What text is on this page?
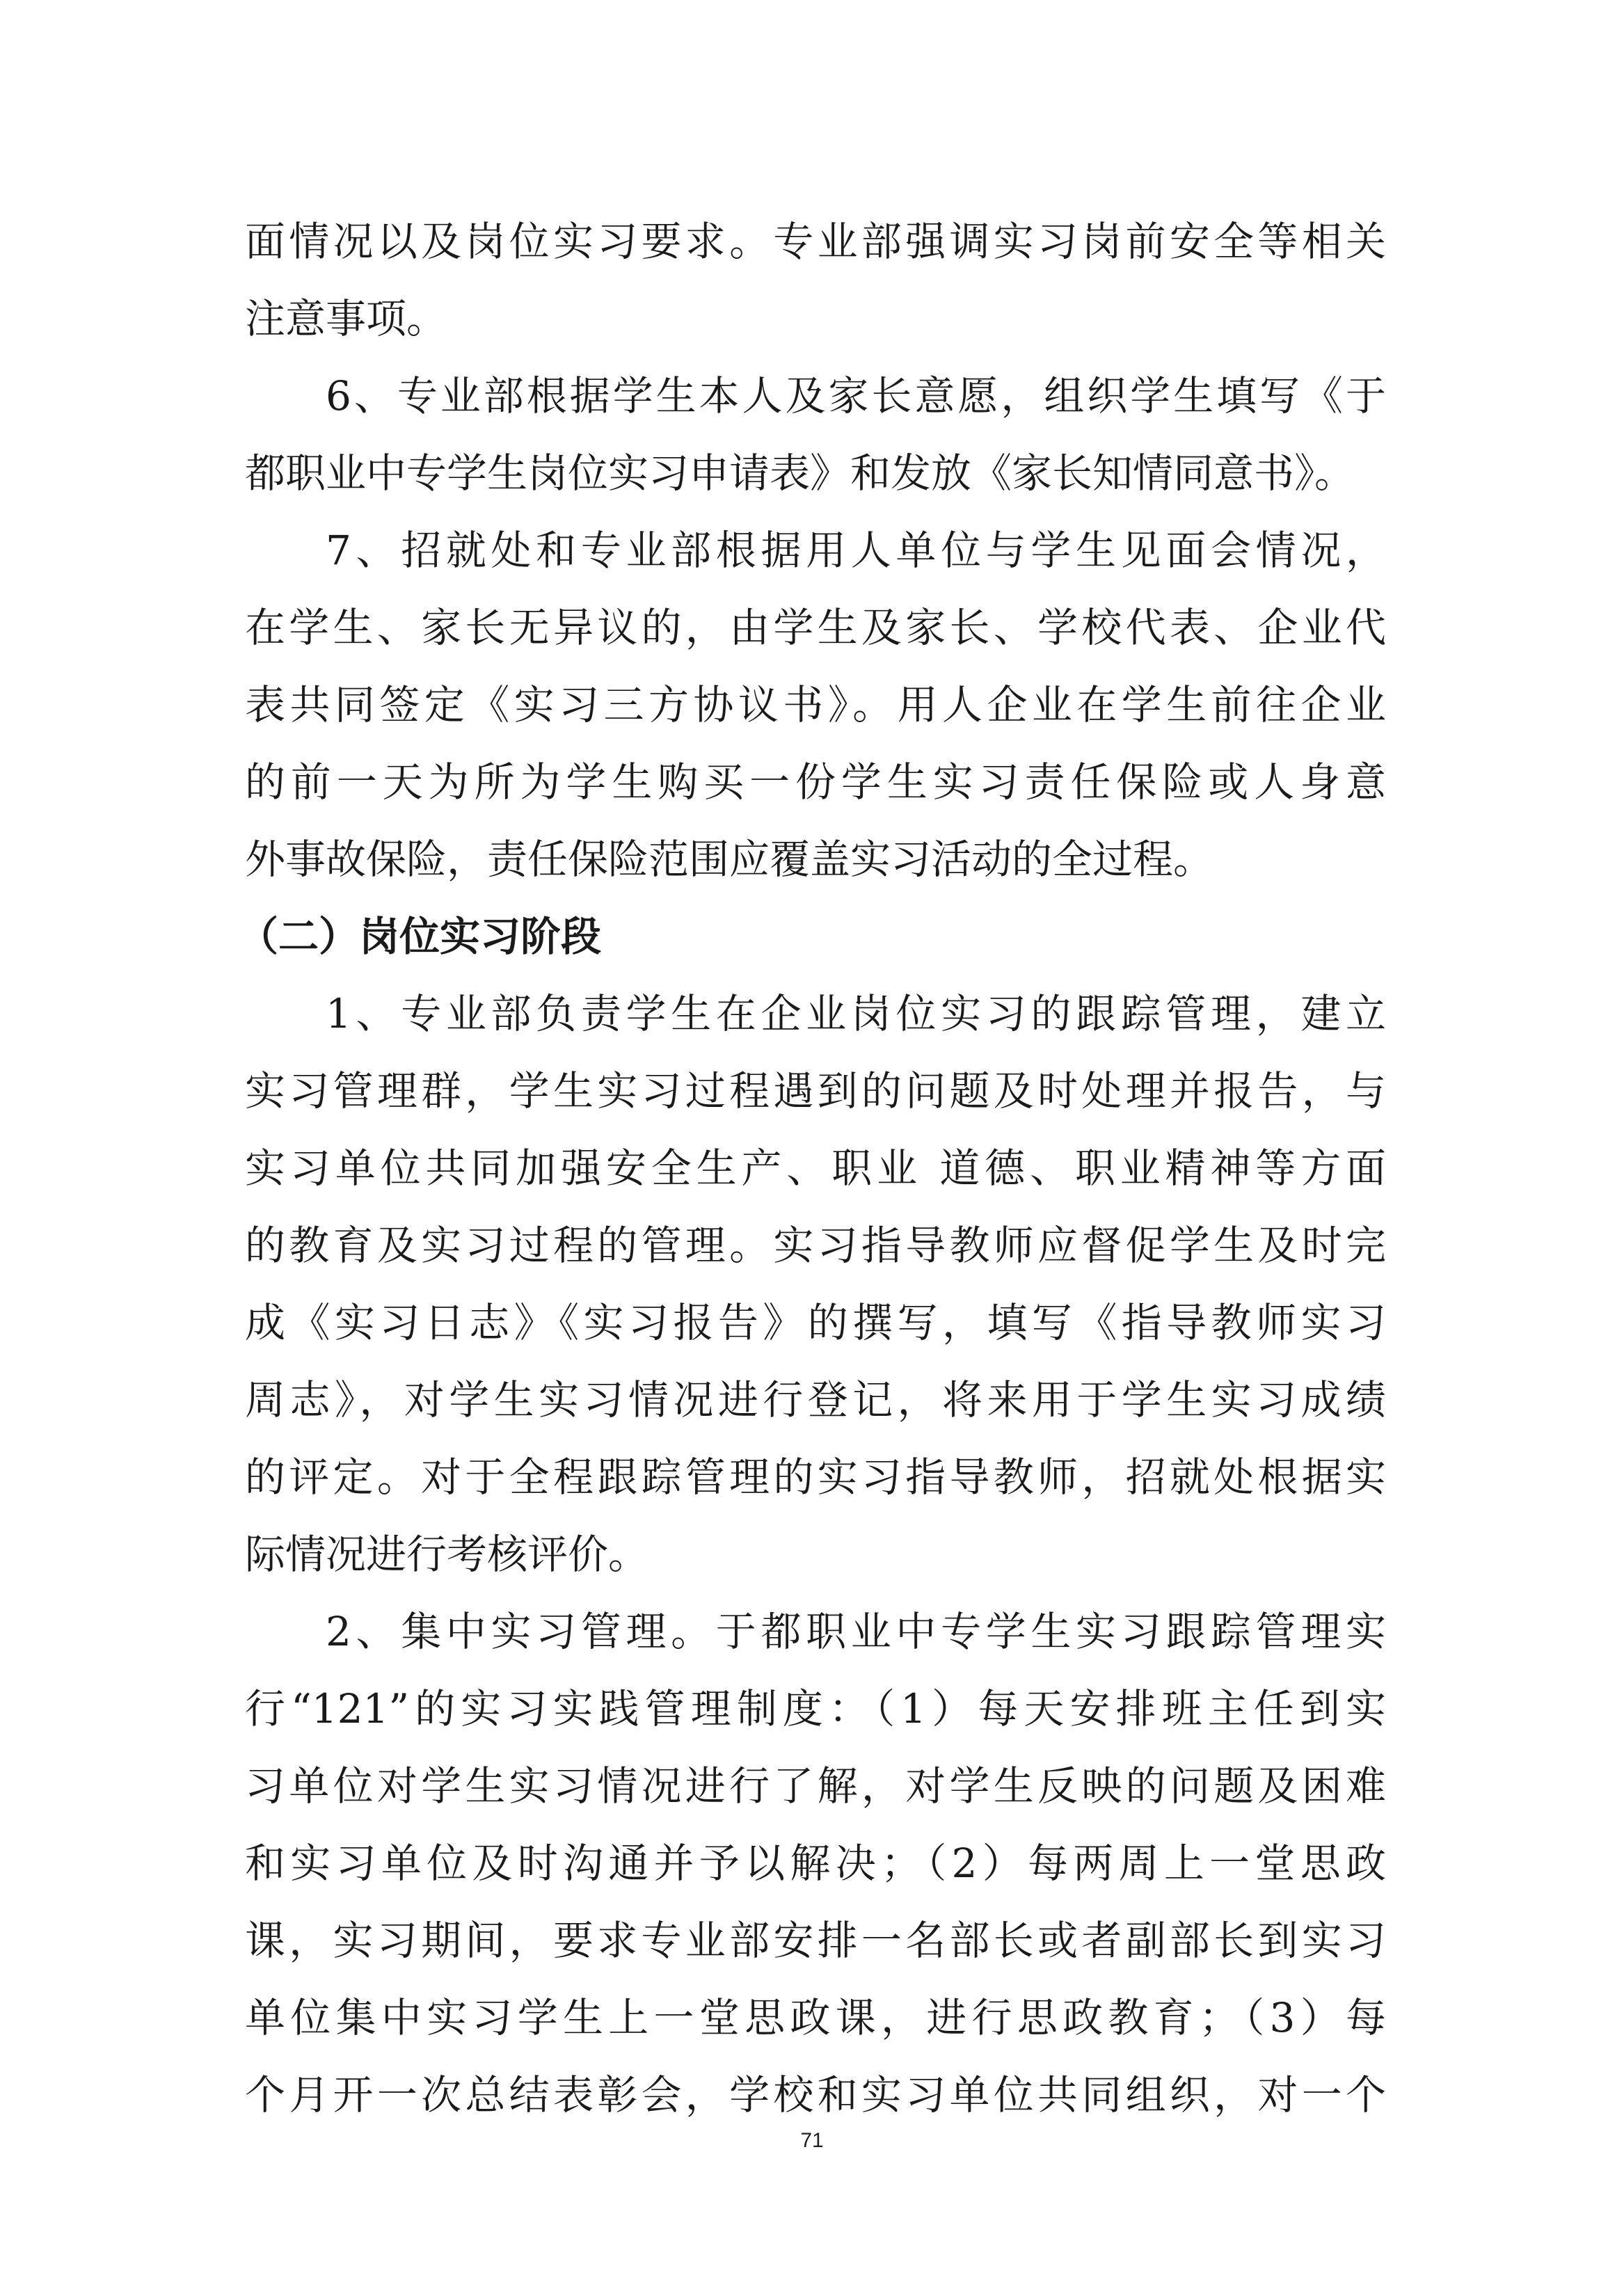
面情况以及岗位实习要求。专业部强调实习岗前安全等相关
注意事项。
6、专业部根据学生本人及家长意愿，组织学生填写《于
都职业中专学生岗位实习申请表》和发放《家长知情同意书》。
7、招就处和专业部根据用人单位与学生见面会情况，
在学生、家长无异议的，由学生及家长、学校代表、企业代
表共同签定《实习三方协议书》。用人企业在学生前往企业
的前一天为所为学生购买一份学生实习责任保险或人身意
外事故保险，责任保险范围应覆盖实习活动的全过程。
（二）岗位实习阶段
1、专业部负责学生在企业岗位实习的跟踪管理，建立
实习管理群，学生实习过程遇到的问题及时处理并报告，与
实习单位共同加强安全生产、职业 道德、职业精神等方面
的教育及实习过程的管理。实习指导教师应督促学生及时完
成《实习日志》《实习报告》的撰写，填写《指导教师实习
周志》，对学生实习情况进行登记，将来用于学生实习成绩
的评定。对于全程跟踪管理的实习指导教师，招就处根据实
际情况进行考核评价。
2、集中实习管理。于都职业中专学生实习跟踪管理实
行“121”的实习实践管理制度：（1）每天安排班主任到实
习单位对学生实习情况进行了解，对学生反映的问题及困难
和实习单位及时沟通并予以解决；（2）每两周上一堂思政
课，实习期间，要求专业部安排一名部长或者副部长到实习
单位集中实习学生上一堂思政课，进行思政教育；（3）每
个月开一次总结表彰会，学校和实习单位共同组织，对一个
71
